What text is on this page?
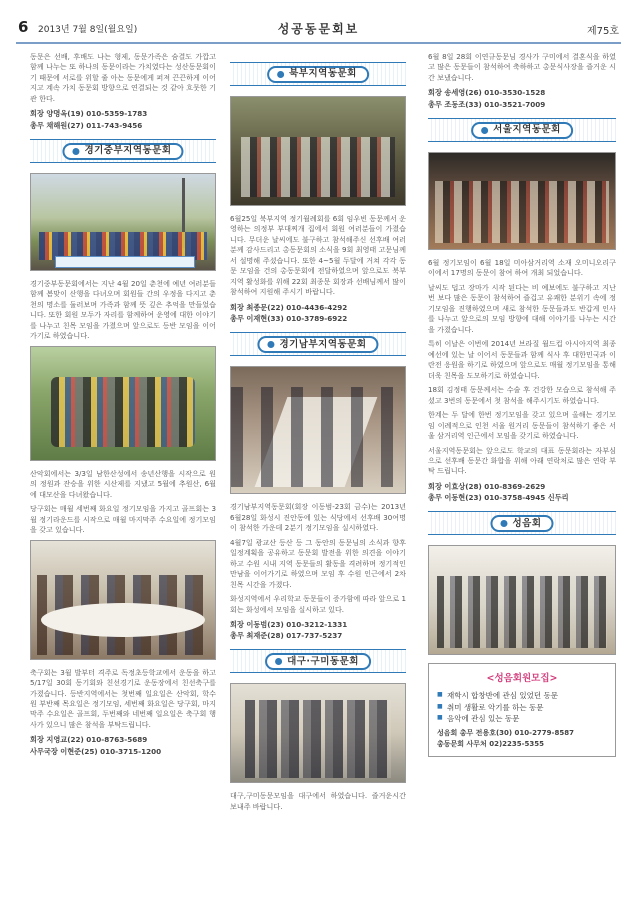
6 2013년 7월 8일(월요일)	성공동문회보	제75호

동문은 선배, 후배도 나는 형제, 동문가족은 숨결도 가깝고 함께 나누는 또 하나의 동문이라는 가치였다는 성산동문회이기 때문에 서로를 위할 줄 아는 동문에게 퍼져 끈끈하게 이어지고 계속 가치 동문회 방향으로 연결되는 것 같아 흐뭇한 기관 한다.

회장 양명옥(19) 010-5359-1783
총무 채해원(27) 011-743-9456
경기중부지역동문회

경기중부동문회에서는 지난 4월 20일 춘천에 예년 여러분들 함께 봄맞이 산행을 다녀오며 회원들 간의 우정을 다지고 춘천의 명소를 둘러보며 가족과 함께 뜻 깊은 추억을 만들었습니다. 또한 회원 모두가 자리를 함께하여 운영에 대한 이야기를 나누고 친목 모임을 가졌으며 앞으로도 등반 모임을 이어가기로 하였습니다.

산악회에서는 3/3일 남한산성에서 송년산행을 시작으로 원의 정원과 잔승을 위한 시산제를 지냈고 5월에 추원산, 6월에 대모산을 다녀왔습니다.

당구회는 매월 세번째 화요일 정기모임을 가지고 골프회는 3월 정기라운드를 시작으로 매월 마지막주 수요일에 정기모임을 갖고 있습니다.

축구회는 3월 발부터 격주로 독정초등학교에서 운동을 하고 5/17일 30회 동기회와 친선경기로 운동장에서 친선축구를 가졌습니다. 등반지역에서는 첫번째 일요일은 산악회, 학수원 부반째 목요일은 정기모임, 세번째 화요일은 당구회, 마지막주 수요일은 골프회, 두번째와 네번째 일요일은 축구회 행사가 있으니 많은 참석을 부탁드립니다.

회장 지영교(22) 010-8763-5689
사무국장 이현준(25) 010-3715-1200
북부지역동문회

6월25일 북부지역 정기월례회를 6회 임우빈 동문께서 운영하는 의정부 부대찌개 집에서 회원 여러분들이 가졌습니다. 무더운 날씨에도 불구하고 참석해주신 선후배 여러분께 감사드리고 총동문회의 소식을 9회 최영태 고문님께서 설명해 주셨습니다. 또한 4~5월 두달에 거쳐 각각 동문 모임을 건의 총동문회에 전달하였으며 앞으로도 북부지역 활성화를 위해 22회 최종문 회장과 선배님께서 많이 참석하여 지원해 주시기 바랍니다.

회장 최종문(22) 010-4436-4292
총무 이재현(33) 010-3789-6922
경기남부지역동문회

경기남부지역동문회(회장 이동범-23회 금수)는 2013년6월28일 화성시 진안동에 있는 식당에서 선후배 30여명이 참석한 가운데 2분기 정기모임을 실시하였다.

4월7일 광교산 등산 등 그 동안의 동문님의 소식과 향후 일정계획을 공유하고 동문회 발전을 위한 의견을 이야기하고 수원 시내 지역 동문들의 활동을 격려하며 정기적인 만남을 이어가기로 하였으며 모임 후 수원 인근에서 2차 친목 시간을 가졌다.

화성지역에서 우리학교 동문들이 증가함에 따라 앞으로 1회는 화성에서 모임을 실시하고 있다.

회장 이동범(23) 010-3212-1331
총무 최재준(28) 017-737-5237
대구·구미동문회

대구,구미동문모임을 대구에서 하였습니다. 즐거운시간 보내주 바랍니다.

6월 8일 28회 이연규동문님 경사가 구미에서 결혼식을 하였고 많은 동문들이 참석하여 축하하고 총문식사장을 즐거운 시간 보냈습니다.

회장 송세영(26) 010-3530-1528
총무 조동조(33) 010-3521-7009
서울지역동문회

6월 정기모임이 6월 18일 미아삼거리역 소재 오미니오리구이에서 17명의 동문이 참여 하여 개최 되었습니다.

날씨도 덥고 장마가 시작 된다는 비 예보에도 불구하고 지난번 보다 많은 동문이 참석하여 즐겁고 유쾌한 분위기 속에 정기모임을 진행하였으며 새로 참석한 동문들과도 반갑게 인사를 나누고 앞으로의 모임 방향에 대해 이야기를 나누는 시간을 가졌습니다.

특히 이날은 이번에 2014년 브라질 월드컵 아시아지역 최종예선에 있는 날 이어서 동문들과 함께 식사 후 대한민국과 이란전 응원을 하기로 하였으며 앞으로도 매월 정기모임을 통해 더욱 친목을 도모하기로 하였습니다.

18회 김정태 동문께서는 수술 후 건강한 모습으로 참석해 주셨고 3번의 동문에서 첫 참석을 해주시기도 하였습니다.

한계는 두 달에 한번 정기모임을 갖고 있으며 올해는 경기모임 이례적으로 인천 서울 원거리 동문들이 참석하기 좋은 서울 삼거리역 인근에서 모임을 갖기로 하였습니다.

서울지역동문회는 앞으로도 학교의 대표 동문회라는 자부심으로 선후배 동문간 화합을 위해 아래 연락처로 많은 연락 부탁 드립니다.

회장 이효상(28) 010-8369-2629
총무 이동현(23) 010-3758-4945 신두리
성음회
<성음회원모집>
■ 재학시 합창반에 관심 있었던 동문
■ 취미 생활로 악기를 하는 동문
■ 음악에 관심 있는 동문
성음회 총무 전용호(30) 010-2779-8587
총동문회 사무처 02)2235-5355
